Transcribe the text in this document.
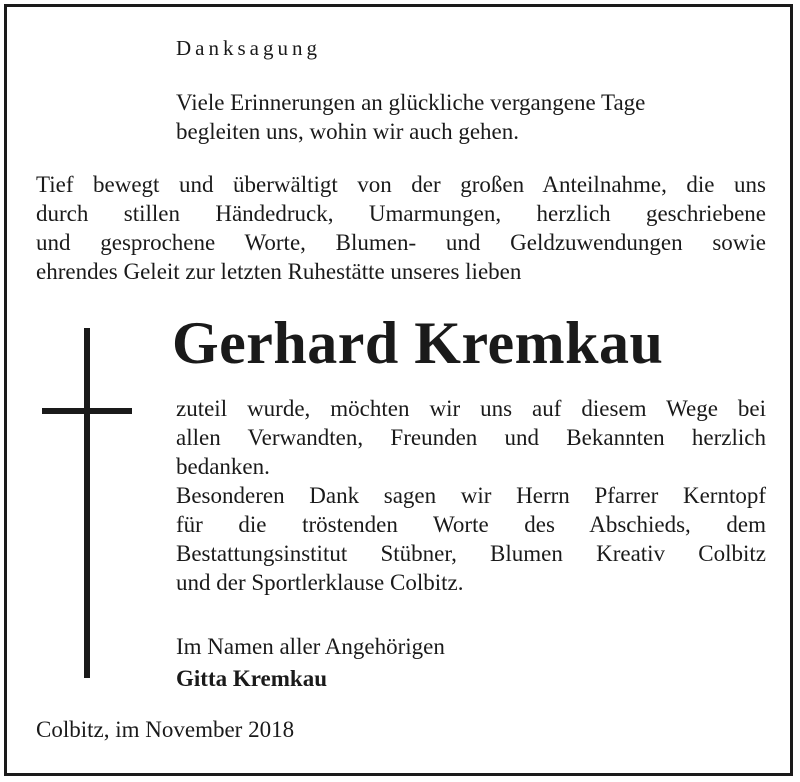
Danksagung
Viele Erinnerungen an glückliche vergangene Tage
begleiten uns, wohin wir auch gehen.
Tief bewegt und überwältigt von der großen Anteilnahme, die uns
durch stillen Händedruck, Umarmungen, herzlich geschriebene
und gesprochene Worte, Blumen- und Geldzuwendungen sowie
ehrendes Geleit zur letzten Ruhestätte unseres lieben
Gerhard Kremkau
zuteil wurde, möchten wir uns auf diesem Wege bei
allen Verwandten, Freunden und Bekannten herzlich
bedanken.
Besonderen Dank sagen wir Herrn Pfarrer Kerntopf
für die tröstenden Worte des Abschieds, dem
Bestattungsinstitut Stübner, Blumen Kreativ Colbitz
und der Sportlerklause Colbitz.
Im Namen aller Angehörigen
Gitta Kremkau
Colbitz, im November 2018
